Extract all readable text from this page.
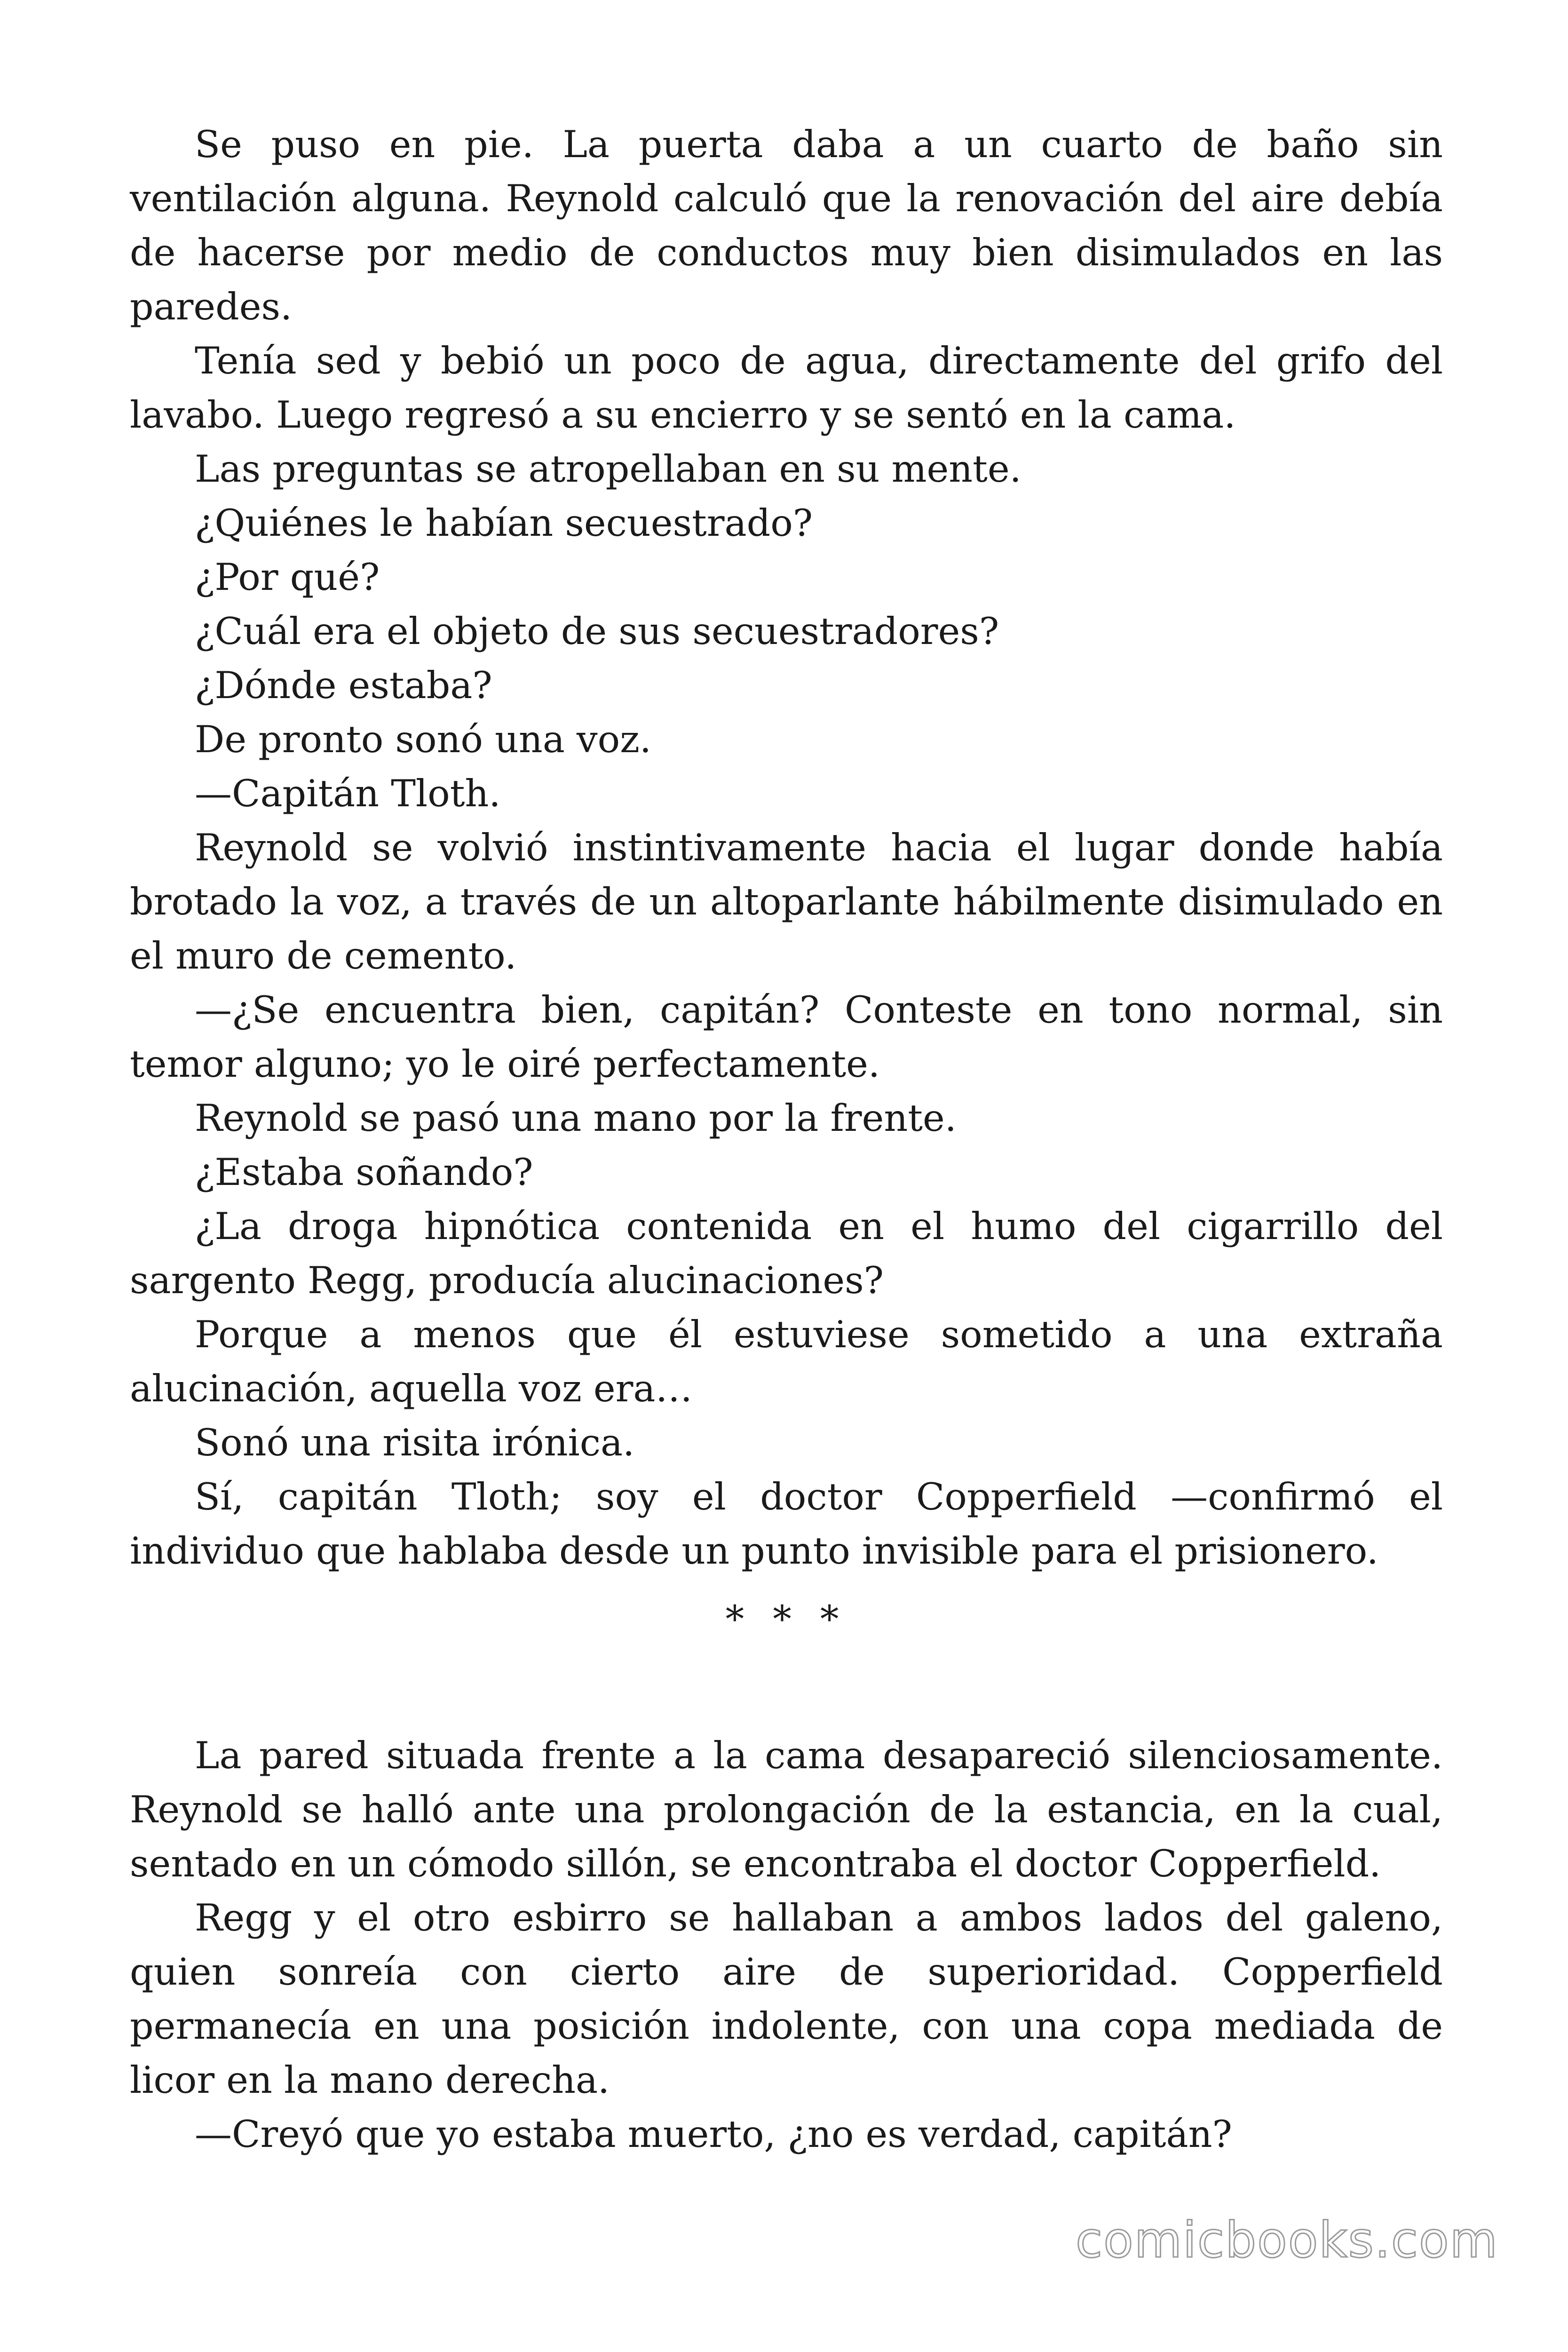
Se puso en pie. La puerta daba a un cuarto de baño sin ventilación alguna. Reynold calculó que la renovación del aire debía de hacerse por medio de conductos muy bien disimulados en las paredes.

Tenía sed y bebió un poco de agua, directamente del grifo del lavabo. Luego regresó a su encierro y se sentó en la cama.

Las preguntas se atropellaban en su mente.

¿Quiénes le habían secuestrado?

¿Por qué?

¿Cuál era el objeto de sus secuestradores?

¿Dónde estaba?

De pronto sonó una voz.

—Capitán Tloth.

Reynold se volvió instintivamente hacia el lugar donde había brotado la voz, a través de un altoparlante hábilmente disimulado en el muro de cemento.

—¿Se encuentra bien, capitán? Conteste en tono normal, sin temor alguno; yo le oiré perfectamente.

Reynold se pasó una mano por la frente.

¿Estaba soñando?

¿La droga hipnótica contenida en el humo del cigarrillo del sargento Regg, producía alucinaciones?

Porque a menos que él estuviese sometido a una extraña alucinación, aquella voz era…

Sonó una risita irónica.

Sí, capitán Tloth; soy el doctor Copperfield —confirmó el individuo que hablaba desde un punto invisible para el prisionero.

* * *

La pared situada frente a la cama desapareció silenciosamente. Reynold se halló ante una prolongación de la estancia, en la cual, sentado en un cómodo sillón, se encontraba el doctor Copperfield.

Regg y el otro esbirro se hallaban a ambos lados del galeno, quien sonreía con cierto aire de superioridad. Copperfield permanecía en una posición indolente, con una copa mediada de licor en la mano derecha.

—Creyó que yo estaba muerto, ¿no es verdad, capitán?

comicbooks.com
